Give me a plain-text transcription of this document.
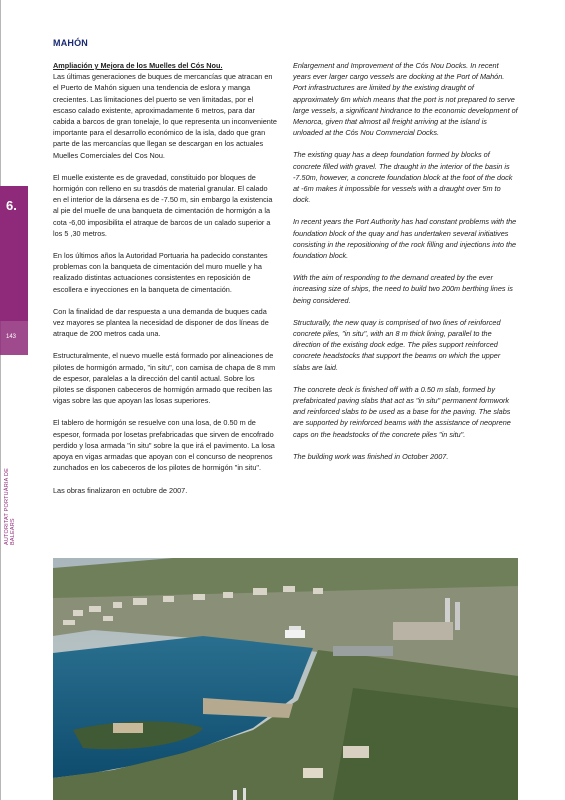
6.
143
AUTORITAT PORTUÀRIA DE BALEARS
MAHÓN
Ampliación y Mejora de los Muelles del Cós Nou.

Las últimas generaciones de buques de mercancías que atracan en el Puerto de Mahón siguen una tendencia de eslora y manga crecientes. Las limitaciones del puerto se ven limitadas, por el escaso calado existente, aproximadamente 6 metros, para dar cabida a barcos de gran tonelaje, lo que representa un inconveniente importante para el desarrollo económico de la isla, dado que gran parte de las mercancías que llegan se descargan en los actuales Muelles Comerciales del Cos Nou.

El muelle existente es de gravedad, constituido por bloques de hormigón con relleno en su trasdós de material granular. El calado en el interior de la dársena es de -7.50 m, sin embargo la existencia al pie del muelle de una banqueta de cimentación de hormigón a la cota -6,00 imposibilita el atraque de barcos de un calado superior a los 5 ,30 metros.

En los últimos años la Autoridad Portuaria ha padecido constantes problemas con la banqueta de cimentación del muro muelle y ha realizado distintas actuaciones consistentes en reposición de escollera e inyecciones en la banqueta de cimentación.

Con la finalidad de dar respuesta a una demanda de buques cada vez mayores se plantea la necesidad de disponer de dos líneas de atraque de 200 metros cada una.

Estructuralmente, el nuevo muelle está formado por alineaciones de pilotes de hormigón armado, "in situ", con camisa de chapa de 8 mm de espesor, paralelas a la dirección del cantil actual. Sobre los pilotes se disponen cabeceros de hormigón armado que reciben las vigas sobre las que apoyan las losas superiores.

El tablero de hormigón se resuelve con una losa, de 0.50 m de espesor, formada por losetas prefabricadas que sirven de encofrado perdido y losa armada "in situ" sobre la que irá el pavimento. La losa apoya en vigas armadas que apoyan con el concurso de neoprenos zunchados en los cabeceros de los pilotes de hormigón "in situ".

Las obras finalizaron en octubre de 2007.

Enlargement and Improvement of the Cós Nou Docks. In recent years ever larger cargo vessels are docking at the Port of Mahón. Port infrastructures are limited by the existing draught of approximately 6m which means that the port is not prepared to serve large vessels, a significant hindrance to the economic development of Menorca, given that almost all freight arriving at the island is unloaded at the Cós Nou Commercial Docks.

The existing quay has a deep foundation formed by blocks of concrete filled with gravel. The draught in the interior of the basin is -7.50m, however, a concrete foundation block at the foot of the dock at -6m makes it impossible for vessels with a draught over 5m to dock.

In recent years the Port Authority has had constant problems with the foundation block of the quay and has undertaken several initiatives consisting in the repositioning of the rock filling and injections into the foundation block.

With the aim of responding to the demand created by the ever increasing size of ships, the need to build two 200m berthing lines is being considered.

Structurally, the new quay is comprised of two lines of reinforced concrete piles, "in situ", with an 8 m thick lining, parallel to the direction of the existing dock edge. The piles support reinforced concrete headstocks that support the beams on which the upper slabs are laid.

The concrete deck is finished off with a 0.50 m slab, formed by prefabricated paving slabs that act as "in situ" permanent formwork and reinforced slabs to be used as a base for the paving. The slabs are supported by reinforced beams with the assistance of neoprene caps on the headstocks of the concrete piles "in situ".

The building work was finished in October 2007.
